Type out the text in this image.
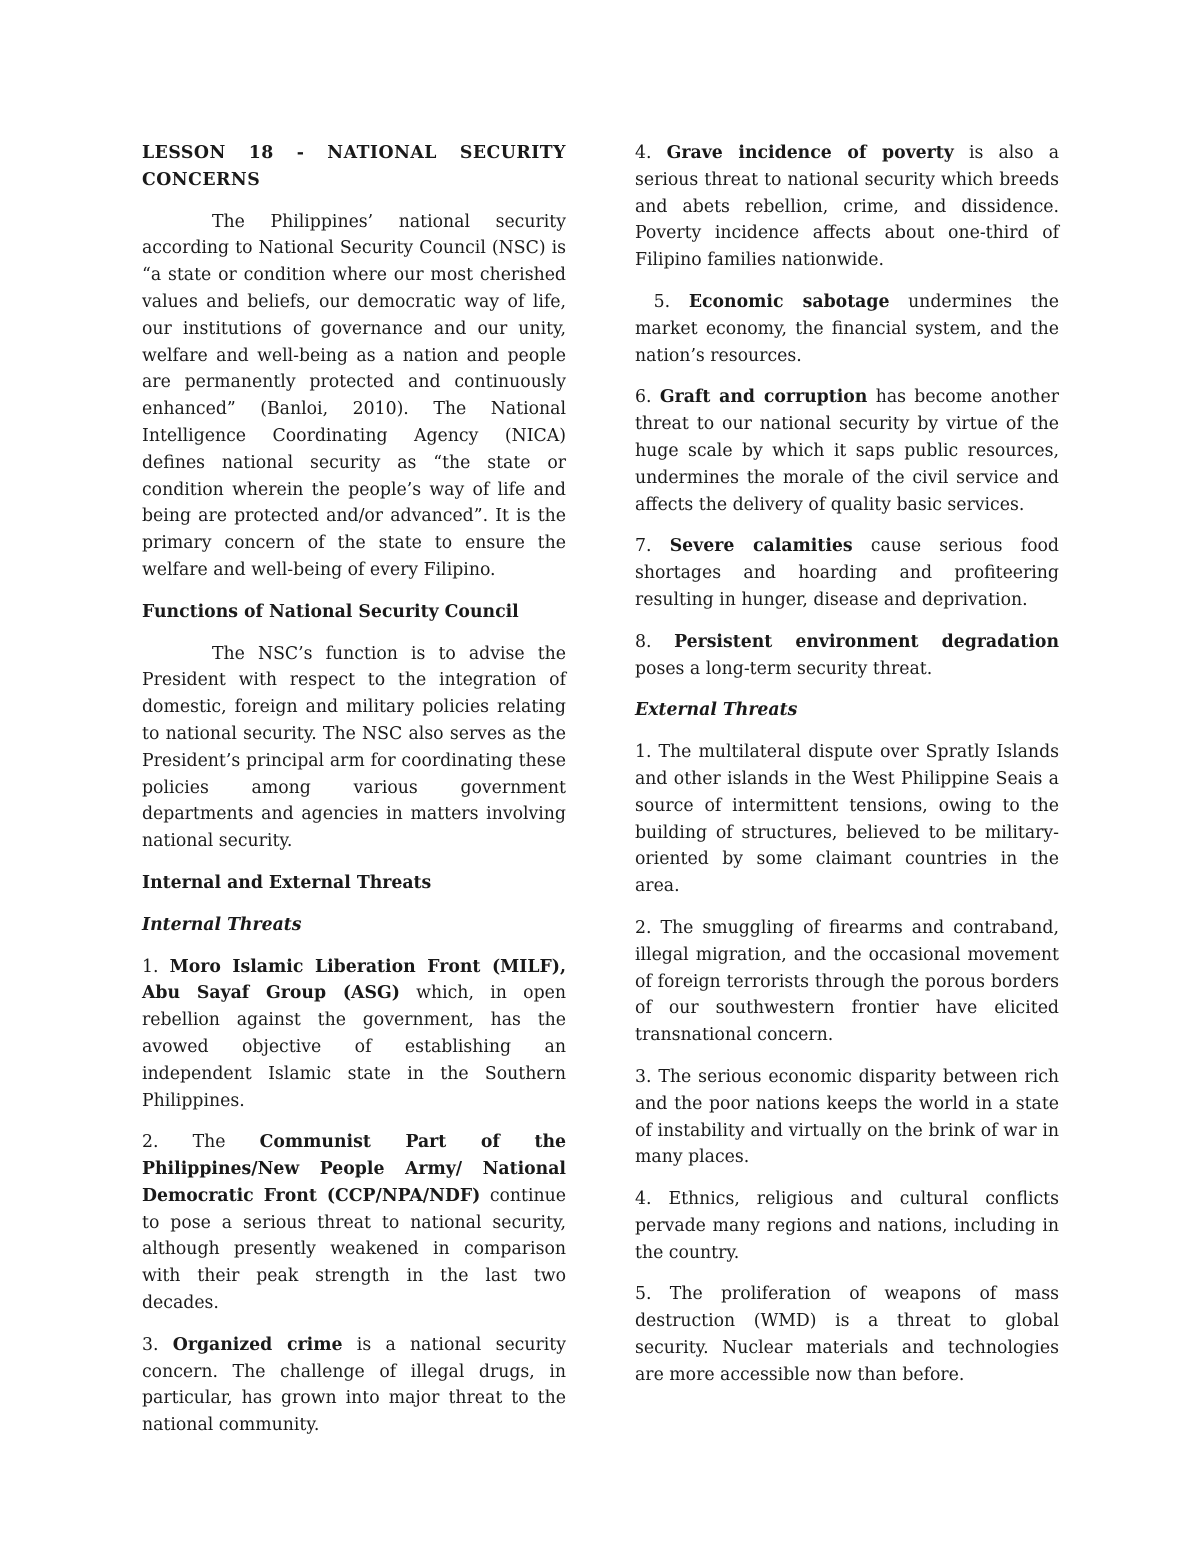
LESSON 18 - NATIONAL SECURITY CONCERNS

The Philippines’ national security according to National Security Council (NSC) is “a state or condition where our most cherished values and beliefs, our democratic way of life, our institutions of governance and our unity, welfare and well-being as a nation and people are permanently protected and continuously enhanced” (Banloi, 2010). The National Intelligence Coordinating Agency (NICA) defines national security as “the state or condition wherein the people’s way of life and being are protected and/or advanced”. It is the primary concern of the state to ensure the welfare and well-being of every Filipino.

Functions of National Security Council

The NSC’s function is to advise the President with respect to the integration of domestic, foreign and military policies relating to national security. The NSC also serves as the President’s principal arm for coordinating these policies among various government departments and agencies in matters involving national security.

Internal and External Threats

Internal Threats

1. Moro Islamic Liberation Front (MILF), Abu Sayaf Group (ASG) which, in open rebellion against the government, has the avowed objective of establishing an independent Islamic state in the Southern Philippines.

2. The Communist Part of the Philippines/New People Army/ National Democratic Front (CCP/NPA/NDF) continue to pose a serious threat to national security, although presently weakened in comparison with their peak strength in the last two decades.

3. Organized crime is a national security concern. The challenge of illegal drugs, in particular, has grown into major threat to the national community.

4. Grave incidence of poverty is also a serious threat to national security which breeds and abets rebellion, crime, and dissidence. Poverty incidence affects about one-third of Filipino families nationwide.

5. Economic sabotage undermines the market economy, the financial system, and the nation’s resources.

6. Graft and corruption has become another threat to our national security by virtue of the huge scale by which it saps public resources, undermines the morale of the civil service and affects the delivery of quality basic services.

7. Severe calamities cause serious food shortages and hoarding and profiteering resulting in hunger, disease and deprivation.

8. Persistent environment degradation poses a long-term security threat.

External Threats

1. The multilateral dispute over Spratly Islands and other islands in the West Philippine Seais a source of intermittent tensions, owing to the building of structures, believed to be military-oriented by some claimant countries in the area.

2. The smuggling of firearms and contraband, illegal migration, and the occasional movement of foreign terrorists through the porous borders of our southwestern frontier have elicited transnational concern.

3. The serious economic disparity between rich and the poor nations keeps the world in a state of instability and virtually on the brink of war in many places.

4. Ethnics, religious and cultural conflicts pervade many regions and nations, including in the country.

5. The proliferation of weapons of mass destruction (WMD) is a threat to global security. Nuclear materials and technologies are more accessible now than before.
